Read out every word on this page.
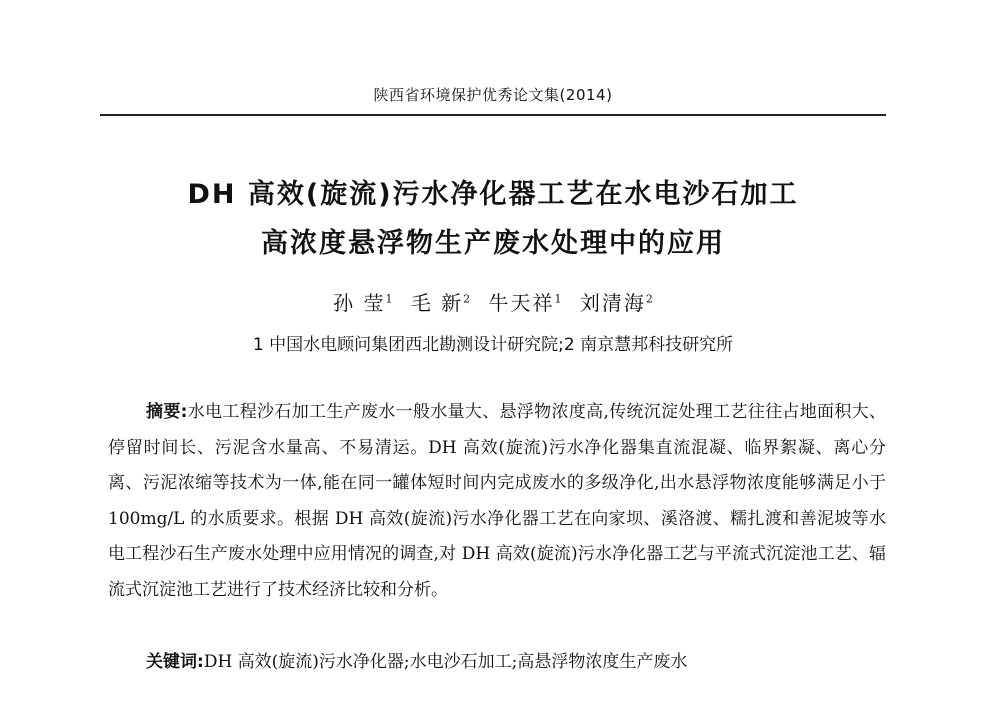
陕西省环境保护优秀论文集(2014)
DH 高效(旋流)污水净化器工艺在水电沙石加工
高浓度悬浮物生产废水处理中的应用
孙 莹$^1$ 毛 新$^2$ 牛天祥$^1$ 刘清海$^2$
1 中国水电顾问集团西北勘测设计研究院;2 南京慧邦科技研究所

摘要:水电工程沙石加工生产废水一般水量大、悬浮物浓度高,传统沉淀处理工艺往往占地面积大、停留时间长、污泥含水量高、不易清运。DH 高效(旋流)污水净化器集直流混凝、临界絮凝、离心分离、污泥浓缩等技术为一体,能在同一罐体短时间内完成废水的多级净化,出水悬浮物浓度能够满足小于 100mg/L 的水质要求。根据 DH 高效(旋流)污水净化器工艺在向家坝、溪洛渡、糯扎渡和善泥坡等水电工程沙石生产废水处理中应用情况的调查,对 DH 高效(旋流)污水净化器工艺与平流式沉淀池工艺、辐流式沉淀池工艺进行了技术经济比较和分析。

关键词:DH 高效(旋流)污水净化器;水电沙石加工;高悬浮物浓度生产废水
